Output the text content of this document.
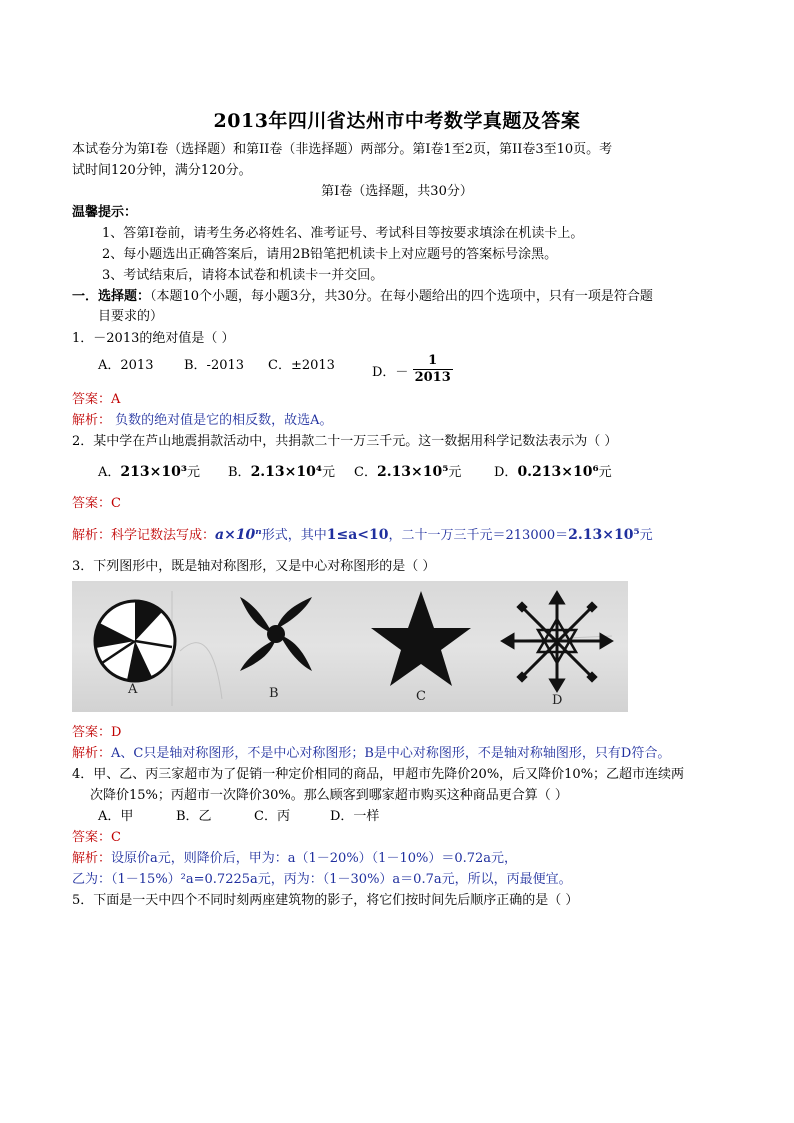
2013年四川省达州市中考数学真题及答案
本试卷分为第Ⅰ卷（选择题）和第II卷（非选择题）两部分。第Ⅰ卷1至2页，第II卷3至10页。考
试时间120分钟，满分120分。
第Ⅰ卷（选择题，共30分）
温馨提示：
1、答第Ⅰ卷前，请考生务必将姓名、准考证号、考试科目等按要求填涂在机读卡上。
2、每小题选出正确答案后，请用2B铅笔把机读卡上对应题号的答案标号涂黑。
3、考试结束后，请将本试卷和机读卡一并交回。
一．选择题：（本题10个小题，每小题3分，共30分。在每小题给出的四个选项中，只有一项是符合题
目要求的）
1．－2013的绝对值是（ ）
A．2013 B．-2013 C．±2013	D．－ $\frac{1}{2013}$
答案：A
解析： 负数的绝对值是它的相反数，故选A。
2．某中学在芦山地震捐款活动中，共捐款二十一万三千元。这一数据用科学记数法表示为（ ）
A．213×10³元 B．2.13×10⁴元 C．2.13×10⁵元	D．0.213×10⁶元
答案：C
解析：科学记数法写成：a×10ⁿ形式，其中1≤a<10，二十一万三千元＝213000＝2.13×10⁵元
3．下列图形中，既是轴对称图形，又是中心对称图形的是（ ）
A	B	C	D
答案：D
解析：A、C只是轴对称图形，不是中心对称图形；B是中心对称图形，不是轴对称轴图形，只有D符合。
4．甲、乙、丙三家超市为了促销一种定价相同的商品，甲超市先降价20%，后又降价10%；乙超市连续两
次降价15%；丙超市一次降价30%。那么顾客到哪家超市购买这种商品更合算（ ）
A．甲	B．乙	C．丙	D．一样
答案：C
解析：设原价a元，则降价后，甲为：a（1－20%）（1－10%）＝0.72a元，
乙为：（1－15%）²a=0.7225a元，丙为：（1－30%）a＝0.7a元，所以，丙最便宜。
5．下面是一天中四个不同时刻两座建筑物的影子，将它们按时间先后顺序正确的是（ ）
